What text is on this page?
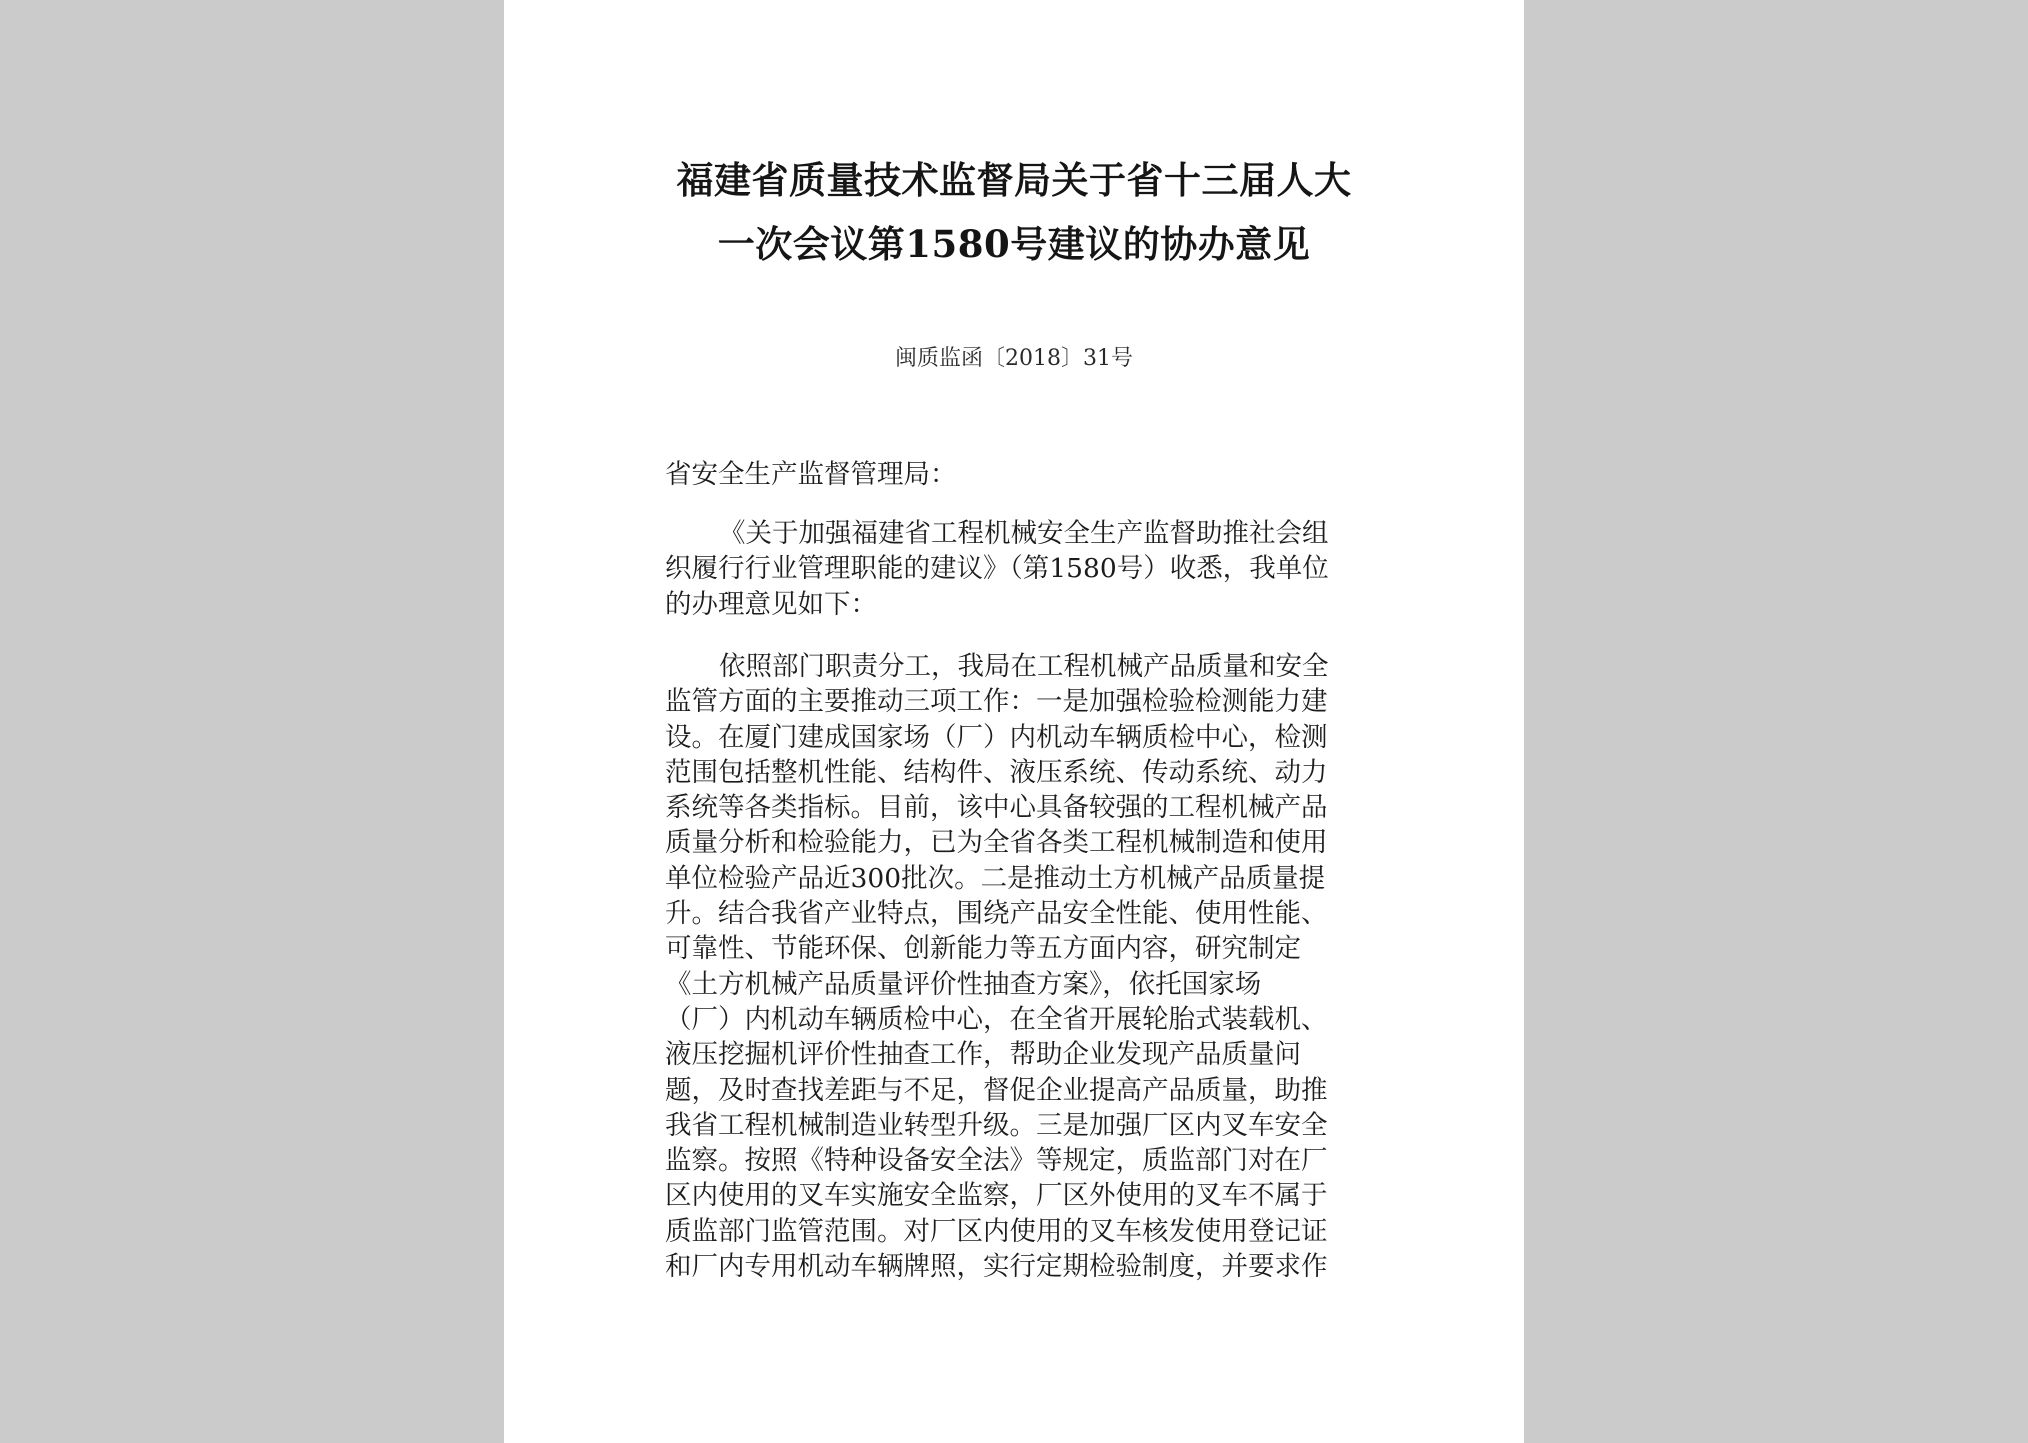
福建省质量技术监督局关于省十三届人大
一次会议第1580号建议的协办意见
闽质监函〔2018〕31号
省安全生产监督管理局：
《关于加强福建省工程机械安全生产监督助推社会组
织履行行业管理职能的建议》（第1580号）收悉，我单位
的办理意见如下：
依照部门职责分工，我局在工程机械产品质量和安全
监管方面的主要推动三项工作：一是加强检验检测能力建
设。在厦门建成国家场（厂）内机动车辆质检中心，检测
范围包括整机性能、结构件、液压系统、传动系统、动力
系统等各类指标。目前，该中心具备较强的工程机械产品
质量分析和检验能力，已为全省各类工程机械制造和使用
单位检验产品近300批次。二是推动土方机械产品质量提
升。结合我省产业特点，围绕产品安全性能、使用性能、
可靠性、节能环保、创新能力等五方面内容，研究制定
《土方机械产品质量评价性抽查方案》，依托国家场
（厂）内机动车辆质检中心，在全省开展轮胎式装载机、
液压挖掘机评价性抽查工作，帮助企业发现产品质量问
题，及时查找差距与不足，督促企业提高产品质量，助推
我省工程机械制造业转型升级。三是加强厂区内叉车安全
监察。按照《特种设备安全法》等规定，质监部门对在厂
区内使用的叉车实施安全监察，厂区外使用的叉车不属于
质监部门监管范围。对厂区内使用的叉车核发使用登记证
和厂内专用机动车辆牌照，实行定期检验制度，并要求作
